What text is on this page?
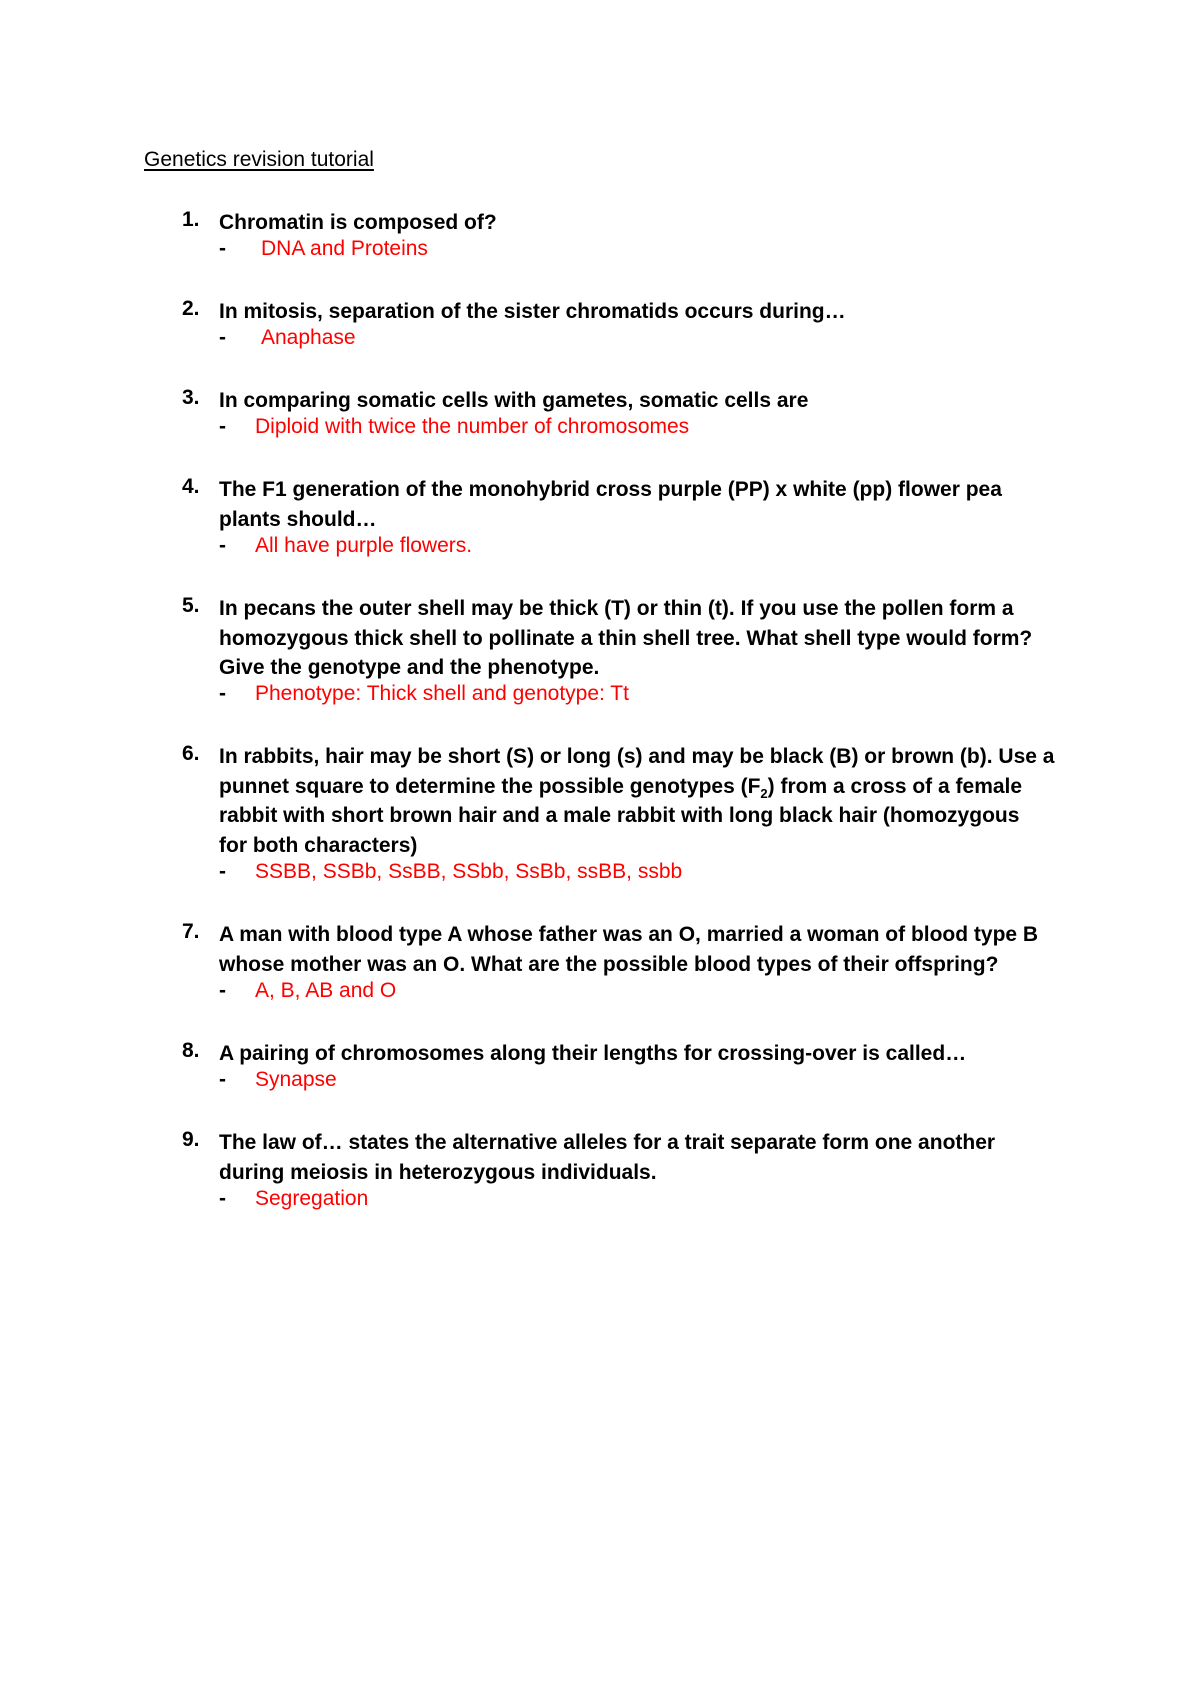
Genetics revision tutorial
1. Chromatin is composed of?

- DNA and Proteins
2. In mitosis, separation of the sister chromatids occurs during…

- Anaphase
3. In comparing somatic cells with gametes, somatic cells are

- Diploid with twice the number of chromosomes
4. The F1 generation of the monohybrid cross purple (PP) x white (pp) flower pea
plants should…

- All have purple flowers.
5. In pecans the outer shell may be thick (T) or thin (t). If you use the pollen form a
homozygous thick shell to pollinate a thin shell tree. What shell type would form?
Give the genotype and the phenotype.

- Phenotype: Thick shell and genotype: Tt
6. In rabbits, hair may be short (S) or long (s) and may be black (B) or brown (b). Use a
punnet square to determine the possible genotypes $(F_2)$ from a cross of a female
rabbit with short brown hair and a male rabbit with long black hair (homozygous
for both characters)

- SSBB, SSBb, SsBB, SSbb, SsBb, ssBB, ssbb
7. A man with blood type A whose father was an O, married a woman of blood type B
whose mother was an O. What are the possible blood types of their offspring?

- A, B, AB and O
8. A pairing of chromosomes along their lengths for crossing-over is called…

- Synapse
9. The law of… states the alternative alleles for a trait separate form one another
during meiosis in heterozygous individuals.

- Segregation
